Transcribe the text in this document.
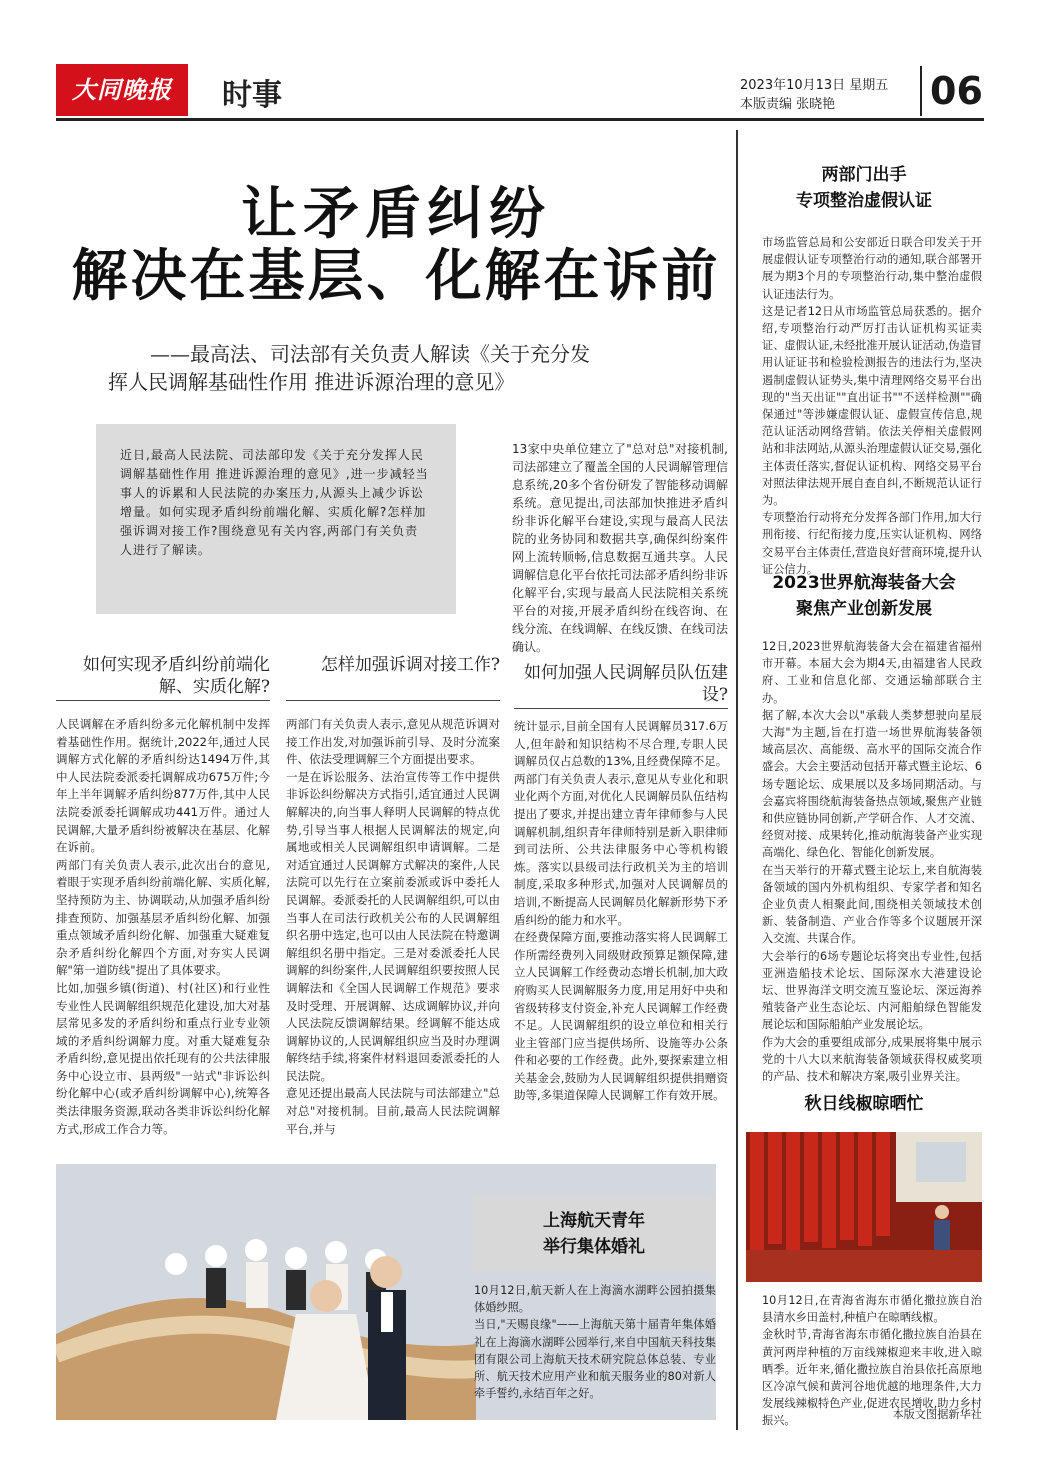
大同晚报	时事	2023年10月13日 星期五
本版责编 张晓艳	06
让矛盾纠纷
解决在基层、化解在诉前
——最高法、司法部有关负责人解读《关于充分发
挥人民调解基础性作用 推进诉源治理的意见》
近日,最高人民法院、司法部印发《关于充分发挥人民调解基础性作用 推进诉源治理的意见》,进一步减轻当事人的诉累和人民法院的办案压力,从源头上减少诉讼增量。如何实现矛盾纠纷前端化解、实质化解?怎样加强诉调对接工作?围绕意见有关内容,两部门有关负责人进行了解读。
13家中央单位建立了"总对总"对接机制,司法部建立了覆盖全国的人民调解管理信息系统,20多个省份研发了智能移动调解系统。意见提出,司法部加快推进矛盾纠纷非诉化解平台建设,实现与最高人民法院的业务协同和数据共享,确保纠纷案件网上流转顺畅,信息数据互通共享。人民调解信息化平台依托司法部矛盾纠纷非诉化解平台,实现与最高人民法院相关系统平台的对接,开展矛盾纠纷在线咨询、在线分流、在线调解、在线反馈、在线司法确认。
如何实现矛盾纠纷前端化解、实质化解?
怎样加强诉调对接工作?	如何加强人民调解员队伍建设?
人民调解在矛盾纠纷多元化解机制中发挥着基础性作用。据统计,2022年,通过人民调解方式化解的矛盾纠纷达1494万件,其中人民法院委派委托调解成功675万件;今年上半年调解矛盾纠纷877万件,其中人民法院委派委托调解成功441万件。通过人民调解,大量矛盾纠纷被解决在基层、化解在诉前。
两部门有关负责人表示,此次出台的意见,着眼于实现矛盾纠纷前端化解、实质化解,坚持预防为主、协调联动,从加强矛盾纠纷排查预防、加强基层矛盾纠纷化解、加强重点领域矛盾纠纷化解、加强重大疑难复杂矛盾纠纷化解四个方面,对夯实人民调解"第一道防线"提出了具体要求。
比如,加强乡镇(街道)、村(社区)和行业性专业性人民调解组织规范化建设,加大对基层常见多发的矛盾纠纷和重点行业专业领域的矛盾纠纷调解力度。对重大疑难复杂矛盾纠纷,意见提出依托现有的公共法律服务中心设立市、县两级"一站式"非诉讼纠纷化解中心(或矛盾纠纷调解中心),统筹各类法律服务资源,联动各类非诉讼纠纷化解方式,形成工作合力等。
两部门有关负责人表示,意见从规范诉调对接工作出发,对加强诉前引导、及时分流案件、依法受理调解三个方面提出要求。
一是在诉讼服务、法治宣传等工作中提供非诉讼纠纷解决方式指引,适宜通过人民调解解决的,向当事人释明人民调解的特点优势,引导当事人根据人民调解法的规定,向属地或相关人民调解组织申请调解。二是对适宜通过人民调解方式解决的案件,人民法院可以先行在立案前委派或诉中委托人民调解。委派委托的人民调解组织,可以由当事人在司法行政机关公布的人民调解组织名册中选定,也可以由人民法院在特邀调解组织名册中指定。三是对委派委托人民调解的纠纷案件,人民调解组织要按照人民调解法和《全国人民调解工作规范》要求及时受理、开展调解、达成调解协议,并向人民法院反馈调解结果。经调解不能达成调解协议的,人民调解组织应当及时办理调解终结手续,将案件材料退回委派委托的人民法院。
意见还提出最高人民法院与司法部建立"总对总"对接机制。目前,最高人民法院调解平台,并与
统计显示,目前全国有人民调解员317.6万人,但年龄和知识结构不尽合理,专职人民调解员仅占总数的13%,且经费保障不足。
两部门有关负责人表示,意见从专业化和职业化两个方面,对优化人民调解员队伍结构提出了要求,并提出建立青年律师参与人民调解机制,组织青年律师特别是新入职律师到司法所、公共法律服务中心等机构锻炼。落实以县级司法行政机关为主的培训制度,采取多种形式,加强对人民调解员的培训,不断提高人民调解员化解新形势下矛盾纠纷的能力和水平。
在经费保障方面,要推动落实将人民调解工作所需经费列入同级财政预算足额保障,建立人民调解工作经费动态增长机制,加大政府购买人民调解服务力度,用足用好中央和省级转移支付资金,补充人民调解工作经费不足。人民调解组织的设立单位和相关行业主管部门应当提供场所、设施等办公条件和必要的工作经费。此外,要探索建立相关基金会,鼓励为人民调解组织提供捐赠资助等,多渠道保障人民调解工作有效开展。
两部门出手
专项整治虚假认证
市场监管总局和公安部近日联合印发关于开展虚假认证专项整治行动的通知,联合部署开展为期3个月的专项整治行动,集中整治虚假认证违法行为。
这是记者12日从市场监管总局获悉的。据介绍,专项整治行动严厉打击认证机构买证卖证、虚假认证,未经批准开展认证活动,伪造冒用认证证书和检验检测报告的违法行为,坚决遏制虚假认证势头,集中清理网络交易平台出现的"当天出证""直出证书""不送样检测""确保通过"等涉嫌虚假认证、虚假宣传信息,规范认证活动网络营销。依法关停相关虚假网站和非法网站,从源头治理虚假认证交易,强化主体责任落实,督促认证机构、网络交易平台对照法律法规开展自查自纠,不断规范认证行为。
专项整治行动将充分发挥各部门作用,加大行刑衔接、行纪衔接力度,压实认证机构、网络交易平台主体责任,营造良好营商环境,提升认证公信力。
2023世界航海装备大会
聚焦产业创新发展
12日,2023世界航海装备大会在福建省福州市开幕。本届大会为期4天,由福建省人民政府、工业和信息化部、交通运输部联合主办。
据了解,本次大会以"承载人类梦想驶向星辰大海"为主题,旨在打造一场世界航海装备领域高层次、高能级、高水平的国际交流合作盛会。大会主要活动包括开幕式暨主论坛、6场专题论坛、成果展以及多场同期活动。与会嘉宾将围绕航海装备热点领域,聚焦产业链和供应链协同创新,产学研合作、人才交流、经贸对接、成果转化,推动航海装备产业实现高端化、绿色化、智能化创新发展。
在当天举行的开幕式暨主论坛上,来自航海装备领域的国内外机构组织、专家学者和知名企业负责人相聚此间,围绕相关领域技术创新、装备制造、产业合作等多个议题展开深入交流、共谋合作。
大会举行的6场专题论坛将突出专业性,包括亚洲造船技术论坛、国际深水大港建设论坛、世界海洋文明交流互鉴论坛、深远海养殖装备产业生态论坛、内河船舶绿色智能发展论坛和国际船舶产业发展论坛。
作为大会的重要组成部分,成果展将集中展示党的十八大以来航海装备领域获得权威奖项的产品、技术和解决方案,吸引业界关注。
秋日线椒晾晒忙
10月12日,在青海省海东市循化撒拉族自治县清水乡田盖村,种植户在晾晒线椒。
金秋时节,青海省海东市循化撒拉族自治县在黄河两岸种植的万亩线辣椒迎来丰收,进入晾晒季。近年来,循化撒拉族自治县依托高原地区冷凉气候和黄河谷地优越的地理条件,大力发展线辣椒特色产业,促进农民增收,助力乡村振兴。	本版文图据新华社
上海航天青年
举行集体婚礼
10月12日,航天新人在上海滴水湖畔公园拍摄集体婚纱照。
当日,"天赐良缘"——上海航天第十届青年集体婚礼在上海滴水湖畔公园举行,来自中国航天科技集团有限公司上海航天技术研究院总体总装、专业所、航天技术应用产业和航天服务业的80对新人牵手誓约,永结百年之好。
